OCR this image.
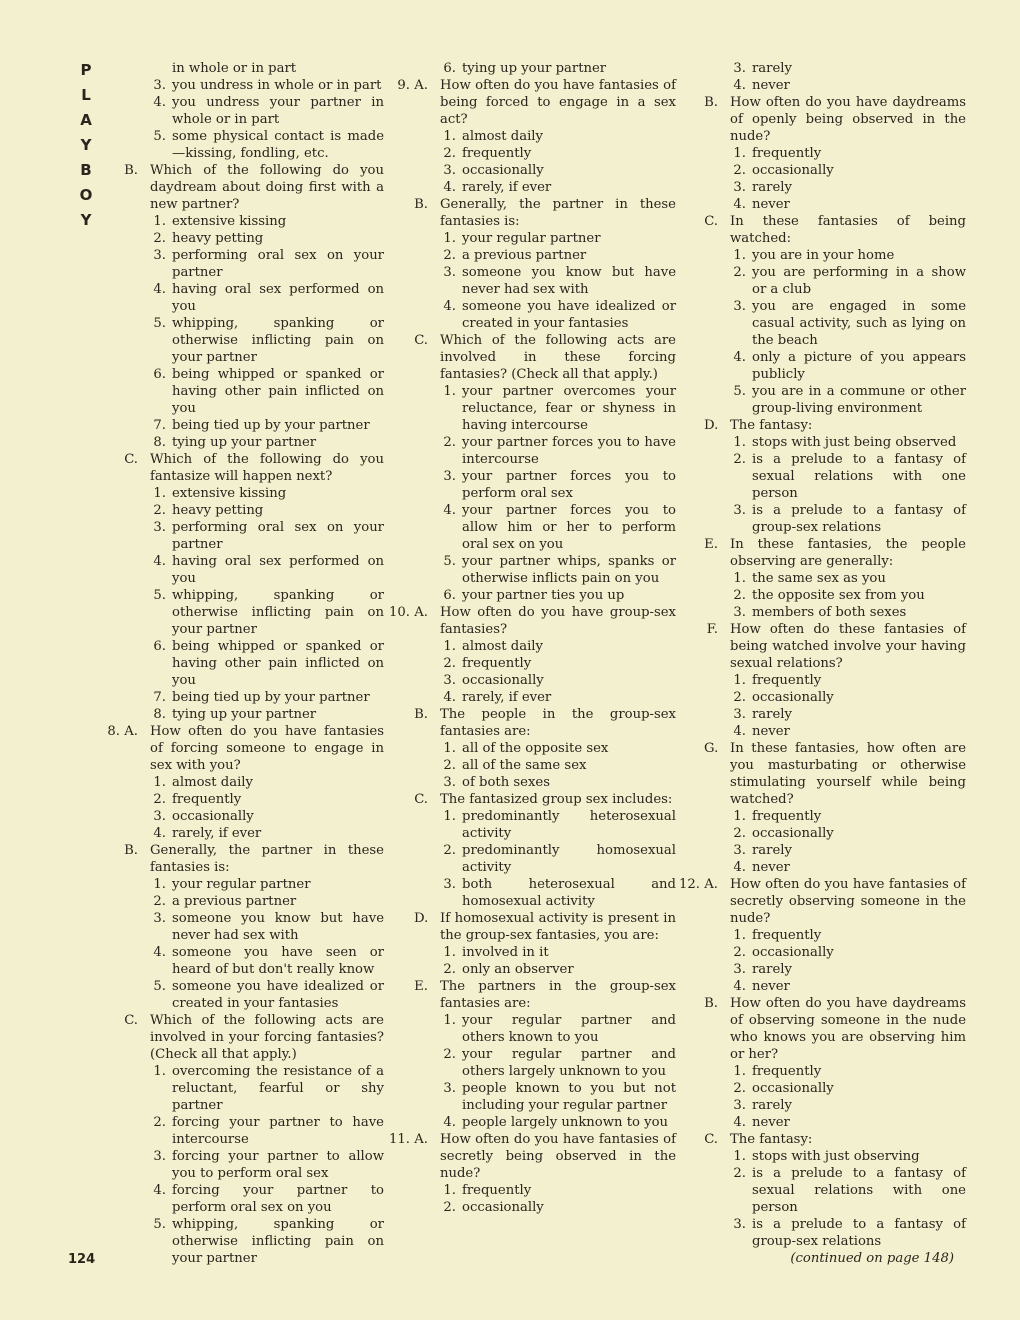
P
L
A
Y
B
O
Y
in whole or in part
3. you undress in whole or in part
4. you undress your partner in whole or in part
5. some physical contact is made —kissing, fondling, etc.
B. Which of the following do you daydream about doing first with a new partner?
1. extensive kissing
2. heavy petting
3. performing oral sex on your partner
4. having oral sex performed on you
5. whipping, spanking or otherwise inflicting pain on your partner
6. being whipped or spanked or having other pain inflicted on you
7. being tied up by your partner
8. tying up your partner
C. Which of the following do you fantasize will happen next?
1. extensive kissing
2. heavy petting
3. performing oral sex on your partner
4. having oral sex performed on you
5. whipping, spanking or otherwise inflicting pain on your partner
6. being whipped or spanked or having other pain inflicted on you
7. being tied up by your partner
8. tying up your partner
8. A. How often do you have fantasies of forcing someone to engage in sex with you?
1. almost daily
2. frequently
3. occasionally
4. rarely, if ever
B. Generally, the partner in these fantasies is:
1. your regular partner
2. a previous partner
3. someone you know but have never had sex with
4. someone you have seen or heard of but don't really know
5. someone you have idealized or created in your fantasies
C. Which of the following acts are involved in your forcing fantasies? (Check all that apply.)
1. overcoming the resistance of a reluctant, fearful or shy partner
2. forcing your partner to have intercourse
3. forcing your partner to allow you to perform oral sex
4. forcing your partner to perform oral sex on you
5. whipping, spanking or otherwise inflicting pain on your partner
6. tying up your partner
9. A. How often do you have fantasies of being forced to engage in a sex act?
1. almost daily
2. frequently
3. occasionally
4. rarely, if ever
B. Generally, the partner in these fantasies is:
1. your regular partner
2. a previous partner
3. someone you know but have never had sex with
4. someone you have idealized or created in your fantasies
C. Which of the following acts are involved in these forcing fantasies? (Check all that apply.)
1. your partner overcomes your reluctance, fear or shyness in having intercourse
2. your partner forces you to have intercourse
3. your partner forces you to perform oral sex
4. your partner forces you to allow him or her to perform oral sex on you
5. your partner whips, spanks or otherwise inflicts pain on you
6. your partner ties you up
10. A. How often do you have group-sex fantasies?
1. almost daily
2. frequently
3. occasionally
4. rarely, if ever
B. The people in the group-sex fantasies are:
1. all of the opposite sex
2. all of the same sex
3. of both sexes
C. The fantasized group sex includes:
1. predominantly heterosexual activity
2. predominantly homosexual activity
3. both heterosexual and homosexual activity
D. If homosexual activity is present in the group-sex fantasies, you are:
1. involved in it
2. only an observer
E. The partners in the group-sex fantasies are:
1. your regular partner and others known to you
2. your regular partner and others largely unknown to you
3. people known to you but not including your regular partner
4. people largely unknown to you
11. A. How often do you have fantasies of secretly being observed in the nude?
1. frequently
2. occasionally
3. rarely
4. never
B. How often do you have daydreams of openly being observed in the nude?
1. frequently
2. occasionally
3. rarely
4. never
C. In these fantasies of being watched:
1. you are in your home
2. you are performing in a show or a club
3. you are engaged in some casual activity, such as lying on the beach
4. only a picture of you appears publicly
5. you are in a commune or other group-living environment
D. The fantasy:
1. stops with just being observed
2. is a prelude to a fantasy of sexual relations with one person
3. is a prelude to a fantasy of group-sex relations
E. In these fantasies, the people observing are generally:
1. the same sex as you
2. the opposite sex from you
3. members of both sexes
F. How often do these fantasies of being watched involve your having sexual relations?
1. frequently
2. occasionally
3. rarely
4. never
G. In these fantasies, how often are you masturbating or otherwise stimulating yourself while being watched?
1. frequently
2. occasionally
3. rarely
4. never
12. A. How often do you have fantasies of secretly observing someone in the nude?
1. frequently
2. occasionally
3. rarely
4. never
B. How often do you have daydreams of observing someone in the nude who knows you are observing him or her?
1. frequently
2. occasionally
3. rarely
4. never
C. The fantasy:
1. stops with just observing
2. is a prelude to a fantasy of sexual relations with one person
3. is a prelude to a fantasy of group-sex relations
(continued on page 148)
124
